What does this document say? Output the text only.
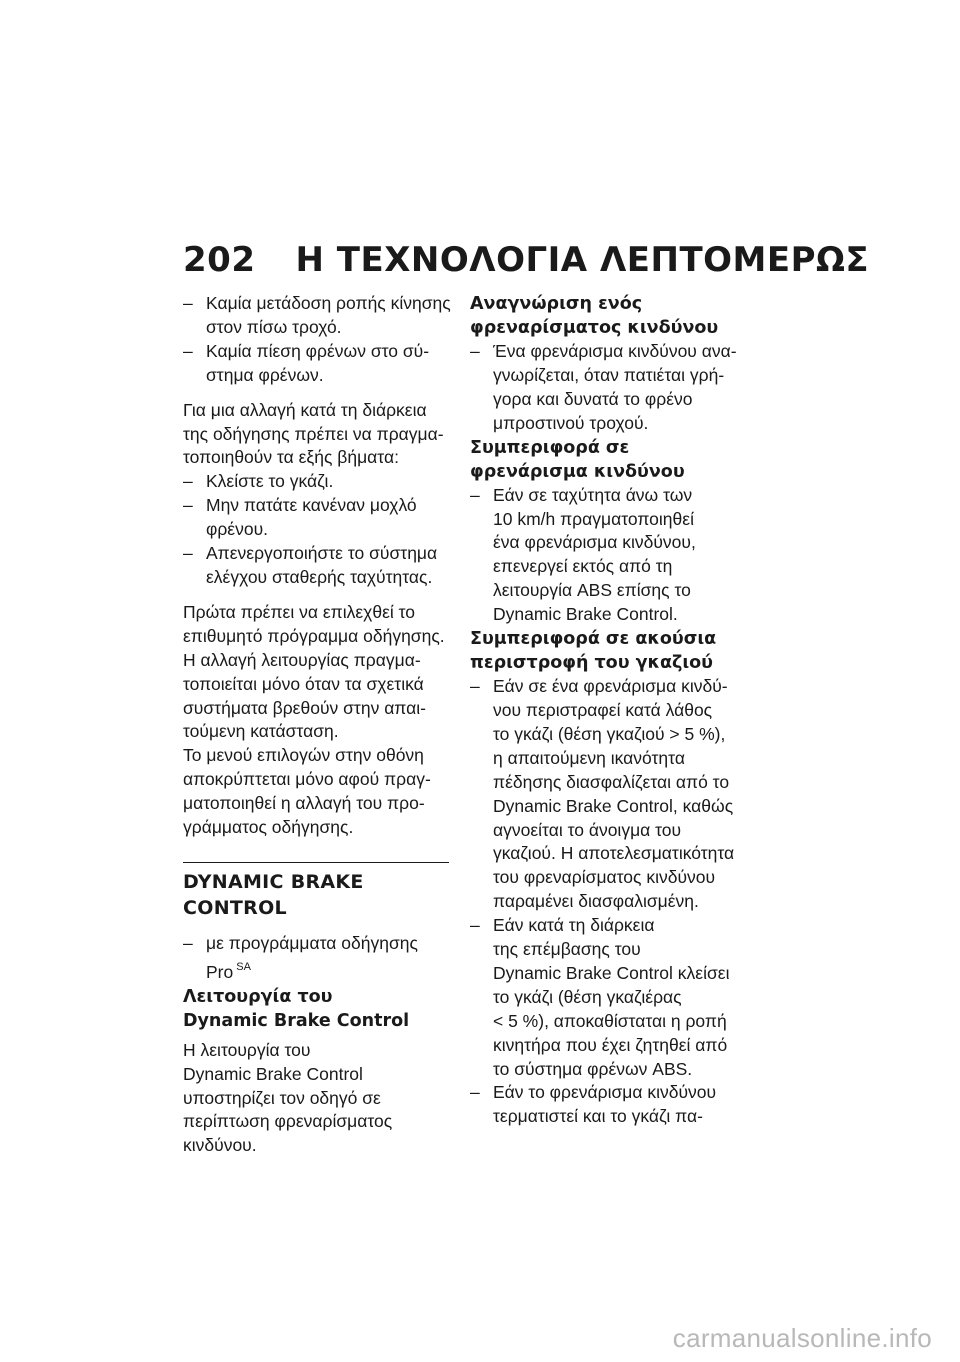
202 Η ΤΕΧΝΟΛΟΓΙΑ ΛΕΠΤΟΜΕΡΩΣ
– Καμία μετάδοση ροπής κίνησης
στον πίσω τροχό.
– Καμία πίεση φρένων στο σύ-
στημα φρένων.
Για μια αλλαγή κατά τη διάρκεια
της οδήγησης πρέπει να πραγμα-
τοποιηθούν τα εξής βήματα:
– Κλείστε το γκάζι.
– Μην πατάτε κανέναν μοχλό
φρένου.
– Απενεργοποιήστε το σύστημα
ελέγχου σταθερής ταχύτητας.
Πρώτα πρέπει να επιλεχθεί το
επιθυμητό πρόγραμμα οδήγησης.
Η αλλαγή λειτουργίας πραγμα-
τοποιείται μόνο όταν τα σχετικά
συστήματα βρεθούν στην απαι-
τούμενη κατάσταση.
Το μενού επιλογών στην οθόνη
αποκρύπτεται μόνο αφού πραγ-
ματοποιηθεί η αλλαγή του προ-
γράμματος οδήγησης.
DYNAMIC BRAKE CONTROL
– με προγράμματα οδήγησης
Pro $^{SA}$
Λειτουργία του
Dynamic Brake Control
Η λειτουργία του
Dynamic Brake Control
υποστηρίζει τον οδηγό σε
περίπτωση φρεναρίσματος
κινδύνου.
Αναγνώριση ενός
φρεναρίσματος κινδύνου
– Ένα φρενάρισμα κινδύνου ανα-
γνωρίζεται, όταν πατιέται γρή-
γορα και δυνατά το φρένο
μπροστινού τροχού.
Συμπεριφορά σε
φρενάρισμα κινδύνου
– Εάν σε ταχύτητα άνω των
10 km/h πραγματοποιηθεί
ένα φρενάρισμα κινδύνου,
επενεργεί εκτός από τη
λειτουργία ABS επίσης το
Dynamic Brake Control.
Συμπεριφορά σε ακούσια
περιστροφή του γκαζιού
– Εάν σε ένα φρενάρισμα κινδύ-
νου περιστραφεί κατά λάθος
το γκάζι (θέση γκαζιού > 5 %),
η απαιτούμενη ικανότητα
πέδησης διασφαλίζεται από το
Dynamic Brake Control, καθώς
αγνοείται το άνοιγμα του
γκαζιού. Η αποτελεσματικότητα
του φρεναρίσματος κινδύνου
παραμένει διασφαλισμένη.
– Εάν κατά τη διάρκεια
της επέμβασης του
Dynamic Brake Control κλείσει
το γκάζι (θέση γκαζιέρας
< 5 %), αποκαθίσταται η ροπή
κινητήρα που έχει ζητηθεί από
το σύστημα φρένων ABS.
– Εάν το φρενάρισμα κινδύνου
τερματιστεί και το γκάζι πα-
carmanualsonline.info
